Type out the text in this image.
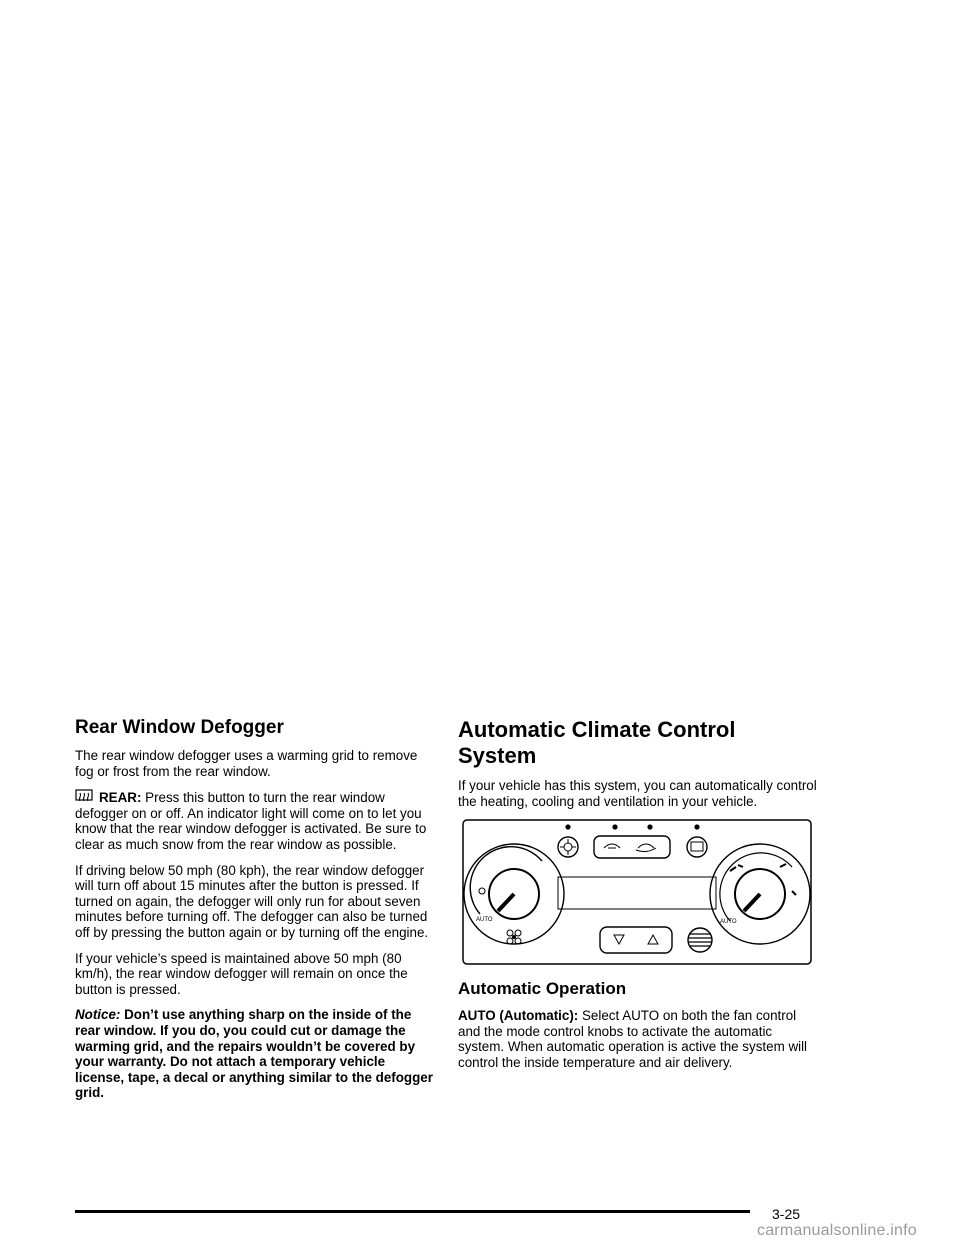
Rear Window Defogger

The rear window defogger uses a warming grid to remove fog or frost from the rear window.

REAR: Press this button to turn the rear window defogger on or off. An indicator light will come on to let you know that the rear window defogger is activated. Be sure to clear as much snow from the rear window as possible.

If driving below 50 mph (80 kph), the rear window defogger will turn off about 15 minutes after the button is pressed. If turned on again, the defogger will only run for about seven minutes before turning off. The defogger can also be turned off by pressing the button again or by turning off the engine.

If your vehicle’s speed is maintained above 50 mph (80 km/h), the rear window defogger will remain on once the button is pressed.

Notice: Don’t use anything sharp on the inside of the rear window. If you do, you could cut or damage the warming grid, and the repairs wouldn’t be covered by your warranty. Do not attach a temporary vehicle license, tape, a decal or anything similar to the defogger grid.

Automatic Climate Control System

If your vehicle has this system, you can automatically control the heating, cooling and ventilation in your vehicle.

AUTO	AUTO
Automatic Operation

AUTO (Automatic): Select AUTO on both the fan control and the mode control knobs to activate the automatic system. When automatic operation is active the system will control the inside temperature and air delivery.

3-25
carmanualsonline.info
